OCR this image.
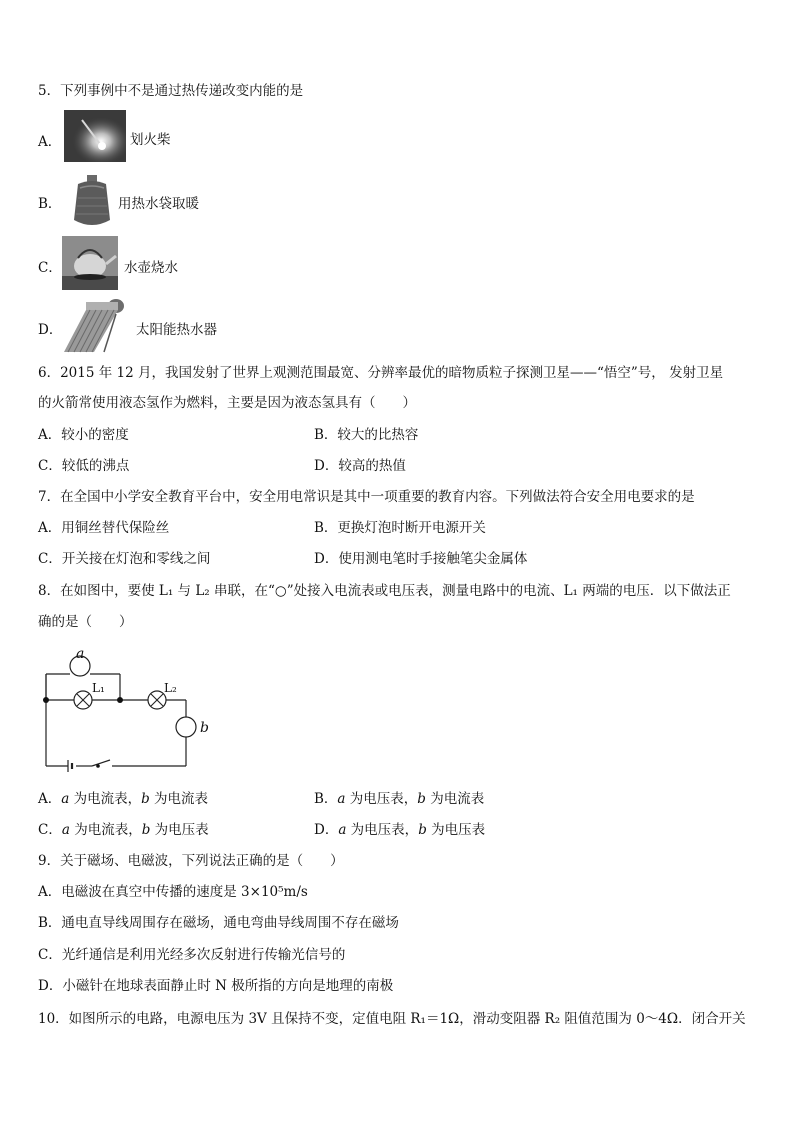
5．下列事例中不是通过热传递改变内能的是
A．	划火柴
B．	用热水袋取暖
C．	水壶烧水
D．	太阳能热水器
6．2015 年 12 月，我国发射了世界上观测范围最宽、分辨率最优的暗物质粒子探测卫星——“悟空”号， 发射卫星
的火箭常使用液态氢作为燃料，主要是因为液态氢具有（　　）
A．较小的密度	B．较大的比热容
C．较低的沸点	D．较高的热值
7．在全国中小学安全教育平台中，安全用电常识是其中一项重要的教育内容。下列做法符合安全用电要求的是
A．用铜丝替代保险丝	B．更换灯泡时断开电源开关
C．开关接在灯泡和零线之间	D．使用测电笔时手接触笔尖金属体
8．在如图中，要使 L₁ 与 L₂ 串联，在“○”处接入电流表或电压表，测量电路中的电流、L₁ 两端的电压．以下做法正
确的是（　　）
a
L₁	L₂
b
A．a 为电流表，b 为电流表	B．a 为电压表，b 为电流表
C．a 为电流表，b 为电压表	D．a 为电压表，b 为电压表
9．关于磁场、电磁波，下列说法正确的是（　　）
A．电磁波在真空中传播的速度是 3×10⁵m/s
B．通电直导线周围存在磁场，通电弯曲导线周围不存在磁场
C．光纤通信是利用光经多次反射进行传输光信号的
D．小磁针在地球表面静止时 N 极所指的方向是地理的南极
10．如图所示的电路，电源电压为 3V 且保持不变，定值电阻 R₁＝1Ω，滑动变阻器 R₂ 阻值范围为 0～4Ω．闭合开关
